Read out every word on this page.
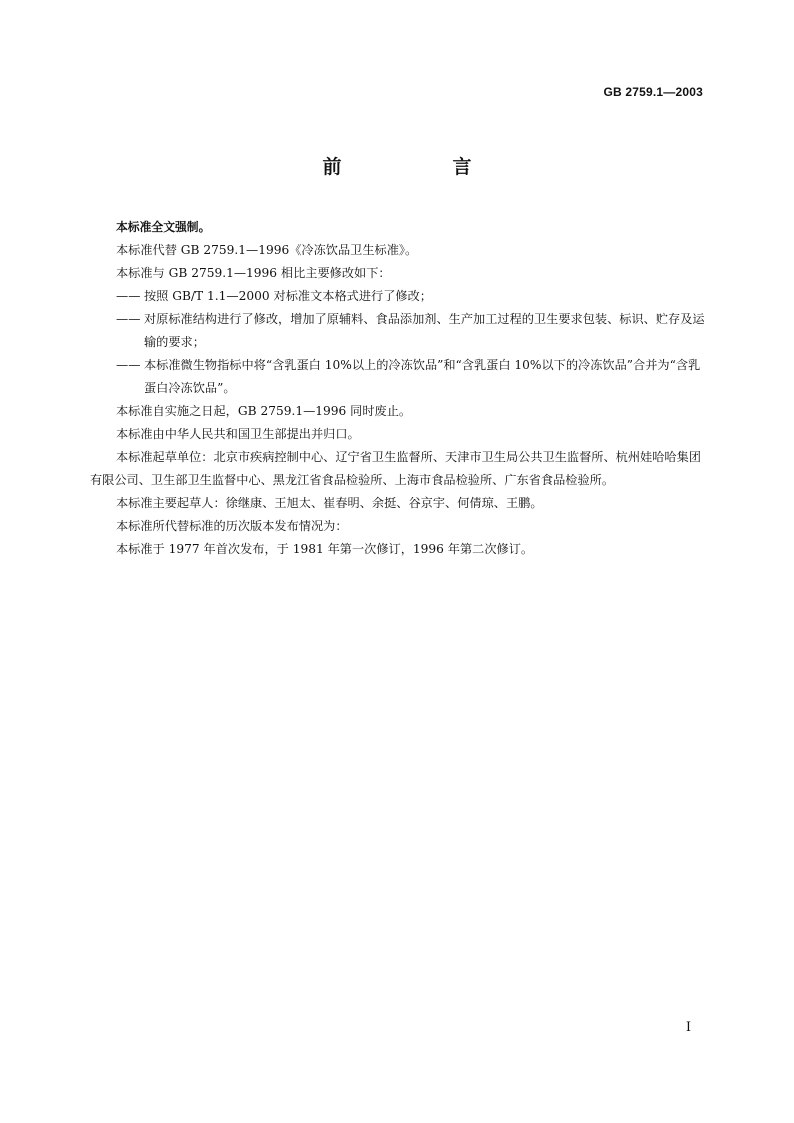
GB 2759.1—2003
前　言

本标准全文强制。

本标准代替 GB 2759.1—1996《冷冻饮品卫生标准》。

本标准与 GB 2759.1—1996 相比主要修改如下：

—— 按照 GB/T 1.1—2000 对标准文本格式进行了修改；

—— 对原标准结构进行了修改，增加了原辅料、食品添加剂、生产加工过程的卫生要求包装、标识、贮存及运输的要求；

—— 本标准微生物指标中将“含乳蛋白 10%以上的冷冻饮品”和“含乳蛋白 10%以下的冷冻饮品”合并为“含乳蛋白冷冻饮品”。

本标准自实施之日起，GB 2759.1—1996 同时废止。

本标准由中华人民共和国卫生部提出并归口。

本标准起草单位：北京市疾病控制中心、辽宁省卫生监督所、天津市卫生局公共卫生监督所、杭州娃哈哈集团有限公司、卫生部卫生监督中心、黑龙江省食品检验所、上海市食品检验所、广东省食品检验所。

本标准主要起草人：徐继康、王旭太、崔春明、余挺、谷京宇、何倩琼、王鹏。

本标准所代替标准的历次版本发布情况为：

本标准于 1977 年首次发布，于 1981 年第一次修订，1996 年第二次修订。

I
